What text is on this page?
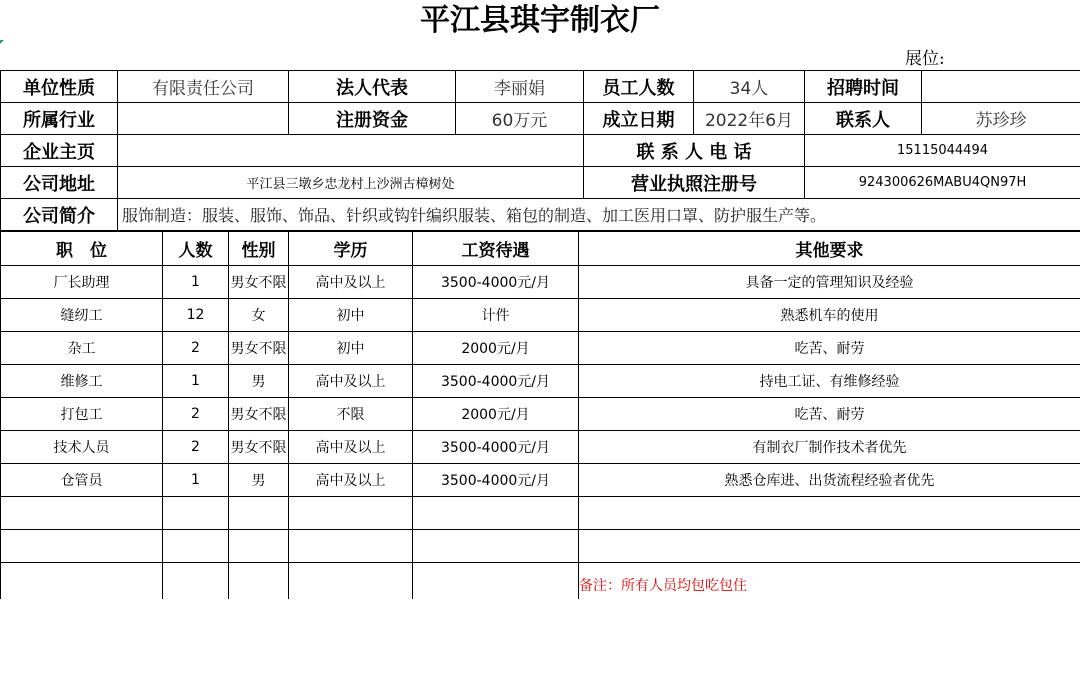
平江县琪宇制衣厂
展位:
单位性质	有限责任公司	法人代表	李丽娟	员工人数	34人	招聘时间	
所属行业		注册资金	60万元	成立日期	2022年6月	联系人	苏珍珍
企业主页				联 系 人 电 话		15115044494	
公司地址	平江县三墩乡忠龙村上沙洲古樟树处			营业执照注册号		924300626MABU4QN97H	
公司简介	服饰制造：服装、服饰、饰品、针织或钩针编织服装、箱包的制造、加工医用口罩、防护服生产等。						
职　位	人数	性别	学历	工资待遇	其他要求
厂长助理	1	男女不限	高中及以上	3500-4000元/月	具备一定的管理知识及经验
缝纫工	12	女	初中	计件	熟悉机车的使用
杂工	2	男女不限	初中	2000元/月	吃苦、耐劳
维修工	1	男	高中及以上	3500-4000元/月	持电工证、有维修经验
打包工	2	男女不限	不限	2000元/月	吃苦、耐劳
技术人员	2	男女不限	高中及以上	3500-4000元/月	有制衣厂制作技术者优先
仓管员	1	男	高中及以上	3500-4000元/月	熟悉仓库进、出货流程经验者优先

					备注：所有人员均包吃包住
